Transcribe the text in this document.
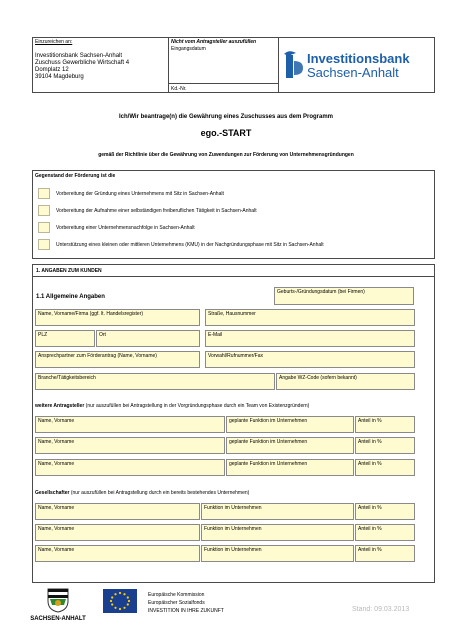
Einzureichen an:
Investitionsbank Sachsen-Anhalt
Zuschuss Gewerbliche Wirtschaft 4
Domplatz 12
39104 Magdeburg
Nicht vom Antragsteller auszufüllen
Eingangsdatum
Kd.-Nr.
Investitionsbank
Sachsen-Anhalt
Ich/Wir beantrage(n) die Gewährung eines Zuschusses aus dem Programm
ego.-START
gemäß der Richtlinie über die Gewährung von Zuwendungen zur Förderung von Unternehmensgründungen
Gegenstand der Förderung ist die
Vorbereitung der Gründung eines Unternehmens mit Sitz in Sachsen-Anhalt
Vorbereitung der Aufnahme einer selbständigen freiberuflichen Tätigkeit in Sachsen-Anhalt
Vorbereitung einer Unternehmensnachfolge in Sachsen-Anhalt
Unterstützung eines kleinen oder mittleren Unternehmens (KMU) in der Nachgründungsphase mit Sitz in Sachsen-Anhalt
1. ANGABEN ZUM KUNDEN
1.1 Allgemeine Angaben
Geburts-/Gründungsdatum (bei Firmen)
Name, Vorname/Firma (ggf. lt. Handelsregister)	Straße, Hausnummer
PLZ	Ort	E-Mail
Ansprechpartner zum Förderantrag (Name, Vorname)	Vorwahl/Rufnummer/Fax
Branche/Tätigkeitsbereich	Angabe WZ-Code (sofern bekannt)
weitere Antragsteller (nur auszufüllen bei Antragstellung in der Vorgründungsphase durch ein Team von Existenzgründern)
Name, Vorname	geplante Funktion im Unternehmen	Anteil in %
Name, Vorname	geplante Funktion im Unternehmen	Anteil in %
Name, Vorname	geplante Funktion im Unternehmen	Anteil in %
Gesellschafter (nur auszufüllen bei Antragstellung durch ein bereits bestehendes Unternehmen)
Name, Vorname	Funktion im Unternehmen	Anteil in %
Name, Vorname	Funktion im Unternehmen	Anteil in %
Name, Vorname	Funktion im Unternehmen	Anteil in %
SACHSEN-ANHALT
Europäische Kommission
Europäischer Sozialfonds
INVESTITION IN IHRE ZUKUNFT	Stand: 09.03.2013
